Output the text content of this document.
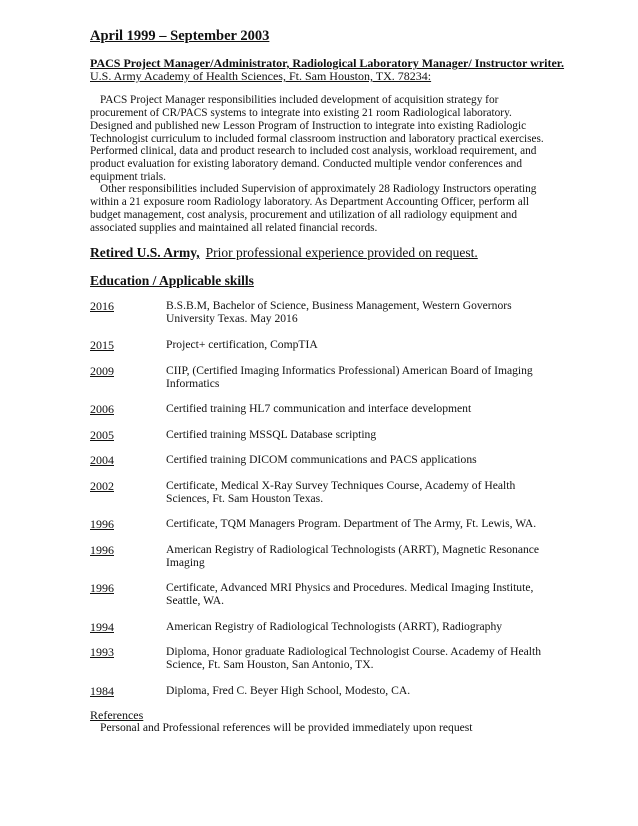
April 1999 – September 2003
PACS Project Manager/Administrator, Radiological Laboratory Manager/ Instructor writer.
U.S. Army Academy of Health Sciences, Ft. Sam Houston, TX. 78234:

PACS Project Manager responsibilities included development of acquisition strategy for procurement of CR/PACS systems to integrate into existing 21 room Radiological laboratory. Designed and published new Lesson Program of Instruction to integrate into existing Radiologic Technologist curriculum to included formal classroom instruction and laboratory practical exercises. Performed clinical, data and product research to included cost analysis, workload requirement, and product evaluation for existing laboratory demand. Conducted multiple vendor conferences and equipment trials.

Other responsibilities included Supervision of approximately 28 Radiology Instructors operating within a 21 exposure room Radiology laboratory. As Department Accounting Officer, perform all budget management, cost analysis, procurement and utilization of all radiology equipment and associated supplies and maintained all related financial records.

Retired U.S. Army, Prior professional experience provided on request.
Education / Applicable skills
2016	B.S.B.M, Bachelor of Science, Business Management, Western Governors University Texas. May 2016
2015	Project+ certification, CompTIA
2009	CIIP, (Certified Imaging Informatics Professional) American Board of Imaging Informatics
2006	Certified training HL7 communication and interface development
2005	Certified training MSSQL Database scripting
2004	Certified training DICOM communications and PACS applications
2002	Certificate, Medical X-Ray Survey Techniques Course, Academy of Health Sciences, Ft. Sam Houston Texas.
1996	Certificate, TQM Managers Program. Department of The Army, Ft. Lewis, WA.
1996	American Registry of Radiological Technologists (ARRT), Magnetic Resonance Imaging
1996	Certificate, Advanced MRI Physics and Procedures. Medical Imaging Institute, Seattle, WA.
1994	American Registry of Radiological Technologists (ARRT), Radiography
1993	Diploma, Honor graduate Radiological Technologist Course. Academy of Health Science, Ft. Sam Houston, San Antonio, TX.
1984	Diploma, Fred C. Beyer High School, Modesto, CA.
References
Personal and Professional references will be provided immediately upon request
